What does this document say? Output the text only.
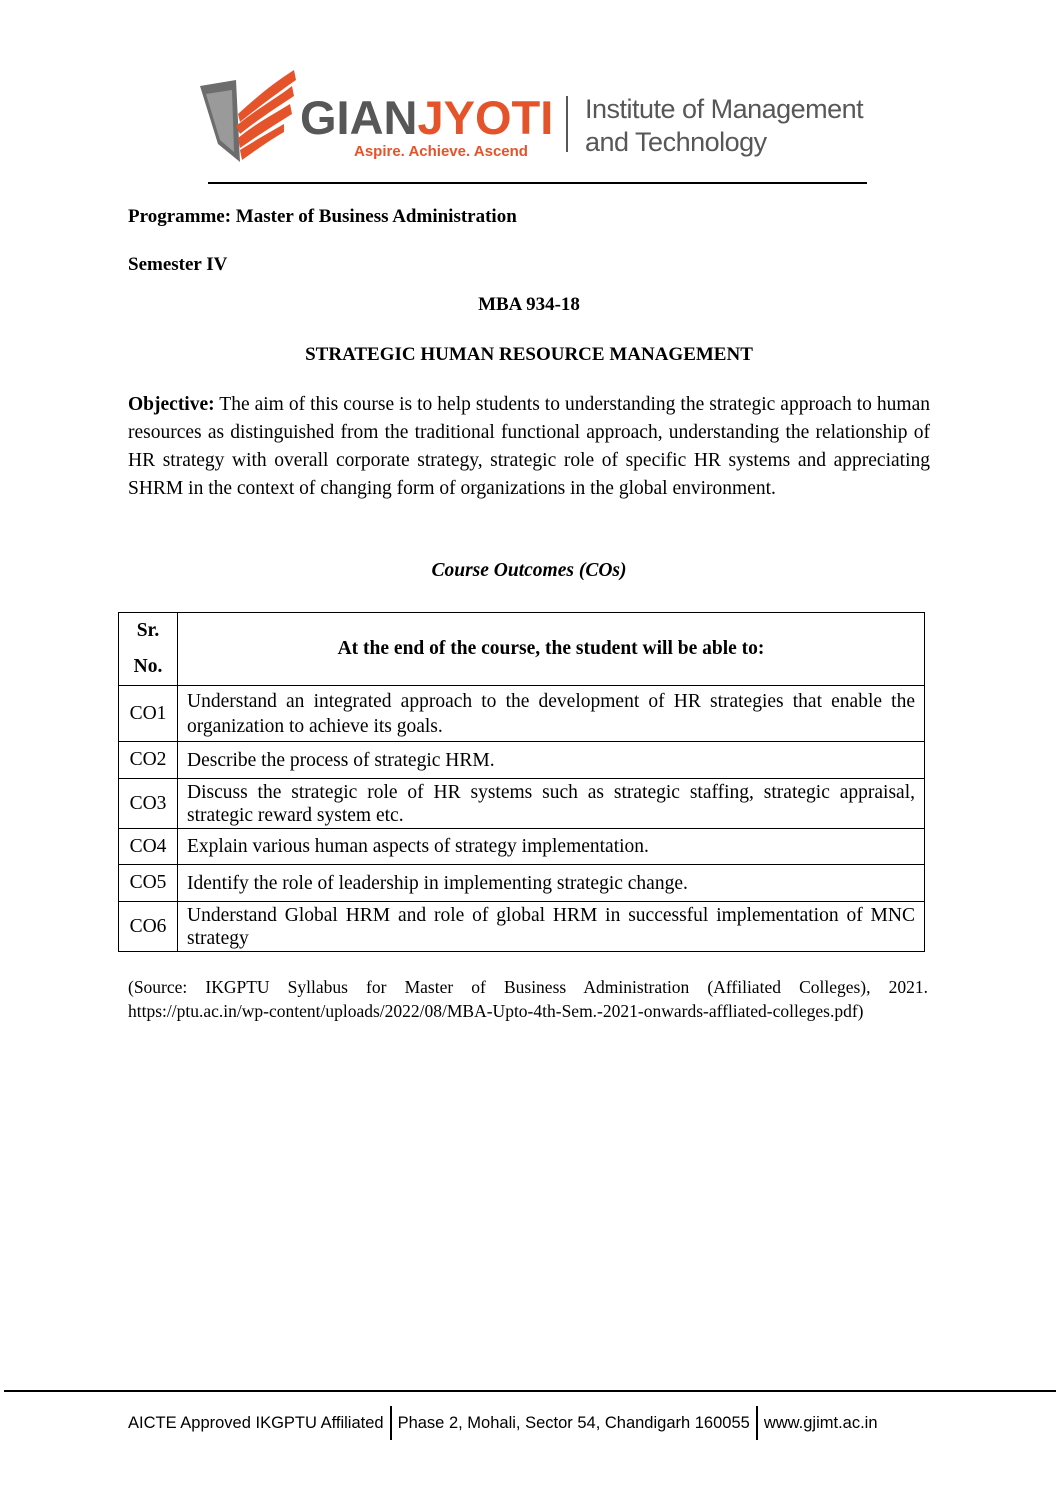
GIANJYOTI
Aspire. Achieve. Ascend
Institute of Management
and Technology
Programme: Master of Business Administration
Semester IV
MBA 934-18
STRATEGIC HUMAN RESOURCE MANAGEMENT
Objective: The aim of this course is to help students to understanding the strategic approach to human resources as distinguished from the traditional functional approach, understanding the relationship of HR strategy with overall corporate strategy, strategic role of specific HR systems and appreciating SHRM in the context of changing form of organizations in the global environment.
Course Outcomes (COs)
Sr.
No.	At the end of the course, the student will be able to:
CO1	Understand an integrated approach to the development of HR strategies that enable the organization to achieve its goals.
CO2	Describe the process of strategic HRM.
CO3	Discuss the strategic role of HR systems such as strategic staffing, strategic appraisal, strategic reward system etc.
CO4	Explain various human aspects of strategy implementation.
CO5	Identify the role of leadership in implementing strategic change.
CO6	Understand Global HRM and role of global HRM in successful implementation of MNC strategy
(Source: IKGPTU Syllabus for Master of Business Administration (Affiliated Colleges), 2021. https://ptu.ac.in/wp-content/uploads/2022/08/MBA-Upto-4th-Sem.-2021-onwards-affliated-colleges.pdf)
AICTE Approved IKGPTU Affiliated Phase 2, Mohali, Sector 54, Chandigarh 160055 www.gjimt.ac.in
